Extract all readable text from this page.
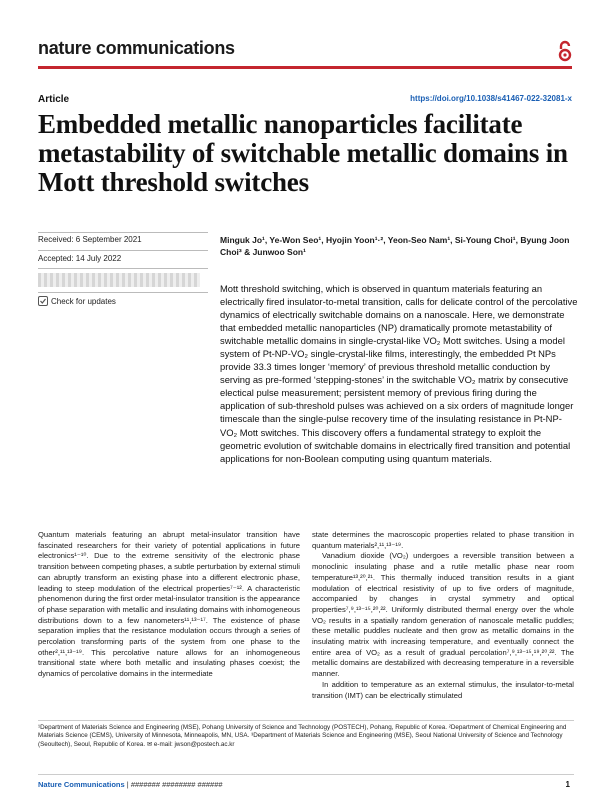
nature communications
Article	https://doi.org/10.1038/s41467-022-32081-x
Embedded metallic nanoparticles facilitate metastability of switchable metallic domains in Mott threshold switches
Received: 6 September 2021
Accepted: 14 July 2022
Check for updates
Minguk Jo¹, Ye-Won Seo¹, Hyojin Yoon¹·², Yeon-Seo Nam¹, Si-Young Choi¹, Byung Joon Choi³ & Junwoo Son¹
Mott threshold switching, which is observed in quantum materials featuring an electrically fired insulator-to-metal transition, calls for delicate control of the percolative dynamics of electrically switchable domains on a nanoscale. Here, we demonstrate that embedded metallic nanoparticles (NP) dramatically promote metastability of switchable metallic domains in single-crystal-like VO₂ Mott switches. Using a model system of Pt-NP-VO₂ single-crystal-like films, interestingly, the embedded Pt NPs provide 33.3 times longer ‘memory’ of previous threshold metallic conduction by serving as pre-formed ‘stepping-stones’ in the switchable VO₂ matrix by consecutive electical pulse measurement; persistent memory of previous firing during the application of sub-threshold pulses was achieved on a six orders of magnitude longer timescale than the single-pulse recovery time of the insulating resistance in Pt-NP-VO₂ Mott switches. This discovery offers a fundamental strategy to exploit the geometric evolution of switchable domains in electrically fired transition and potential applications for non-Boolean computing using quantum materials.
Quantum materials featuring an abrupt metal-insulator transition have fascinated researchers for their variety of potential applications in future electronics¹⁻¹⁰. Due to the extreme sensitivity of the electronic phase transition between competing phases, a subtle perturbation by external stimuli can abruptly transform an existing phase into a different electronic phase, leading to steep modulation of the electrical properties⁷⁻¹². A characteristic phenomenon during the first order metal-insulator transition is the appearance of phase separation with metallic and insulating domains with inhomogeneous distributions down to a few nanometers¹¹,¹³⁻¹⁷. The existence of phase separation implies that the resistance modulation occurs through a series of percolation transforming parts of the system from one phase to the other²,¹¹,¹³⁻¹⁹. This percolative nature allows for an inhomogeneous transitional state where both metallic and insulating phases coexist; the dynamics of percolative domains in the intermediate
state determines the macroscopic properties related to phase transition in quantum materials²,¹¹,¹³⁻¹⁹.
Vanadium dioxide (VO₂) undergoes a reversible transition between a monoclinic insulating phase and a rutile metallic phase near room temperature¹³,²⁰,²¹. This thermally induced transition results in a giant modulation of electrical resistivity of up to five orders of magnitude, accompanied by changes in crystal symmetry and optical properties⁷,⁹,¹³⁻¹⁵,²⁰,²². Uniformly distributed thermal energy over the whole VO₂ results in a spatially random generation of nanoscale metallic puddles; these metallic puddles nucleate and then grow as metallic domains in the insulating matrix with increasing temperature, and eventually connect the entire area of VO₂ as a result of gradual percolation⁷,⁹,¹³⁻¹⁵,¹⁹,²⁰,²². The metallic domains are destabilized with decreasing temperature in a reversible manner.
In addition to temperature as an external stimulus, the insulator-to-metal transition (IMT) can be electrically stimulated
¹Department of Materials Science and Engineering (MSE), Pohang University of Science and Technology (POSTECH), Pohang, Republic of Korea. ²Department of Chemical Engineering and Materials Science (CEMS), University of Minnesota, Minneapolis, MN, USA. ³Department of Materials Science and Engineering (MSE), Seoul National University of Science and Technology (Seoultech), Seoul, Republic of Korea. ✉ e-mail: jwson@postech.ac.kr
Nature Communications | ####### ######## ######	1
